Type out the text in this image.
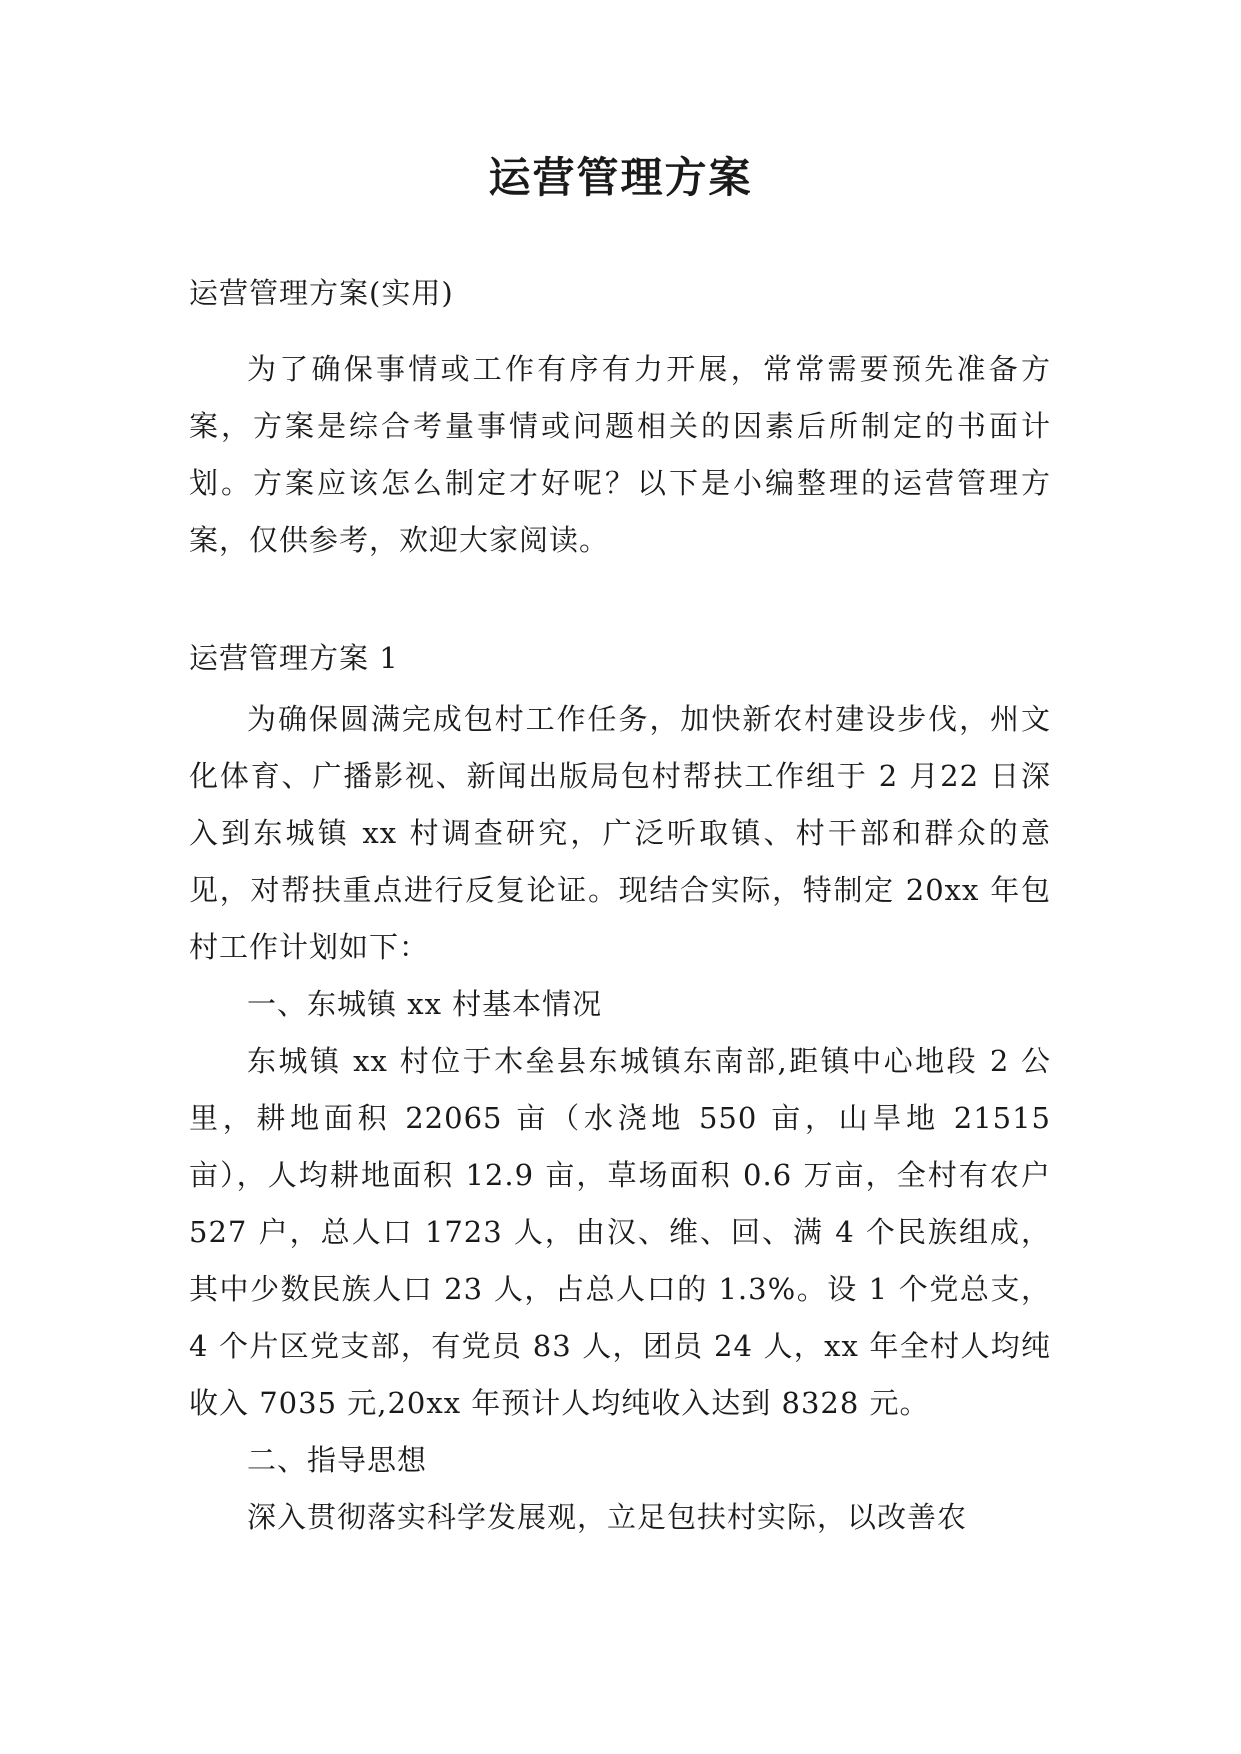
运营管理方案

运营管理方案(实用)

为了确保事情或工作有序有力开展，常常需要预先准备方案，方案是综合考量事情或问题相关的因素后所制定的书面计划。方案应该怎么制定才好呢？以下是小编整理的运营管理方案，仅供参考，欢迎大家阅读。

运营管理方案 1

为确保圆满完成包村工作任务，加快新农村建设步伐，州文化体育、广播影视、新闻出版局包村帮扶工作组于 2 月22 日深入到东城镇 xx 村调查研究，广泛听取镇、村干部和群众的意见，对帮扶重点进行反复论证。现结合实际，特制定 20xx 年包村工作计划如下：

一、东城镇 xx 村基本情况

东城镇 xx 村位于木垒县东城镇东南部,距镇中心地段 2 公里，耕地面积 22065 亩（水浇地 550 亩，山旱地 21515 亩），人均耕地面积 12.9 亩，草场面积 0.6 万亩，全村有农户 527 户，总人口 1723 人，由汉、维、回、满 4 个民族组成，其中少数民族人口 23 人，占总人口的 1.3%。设 1 个党总支，4 个片区党支部，有党员 83 人，团员 24 人，xx 年全村人均纯收入 7035 元,20xx 年预计人均纯收入达到 8328 元。

二、指导思想

深入贯彻落实科学发展观，立足包扶村实际，以改善农
